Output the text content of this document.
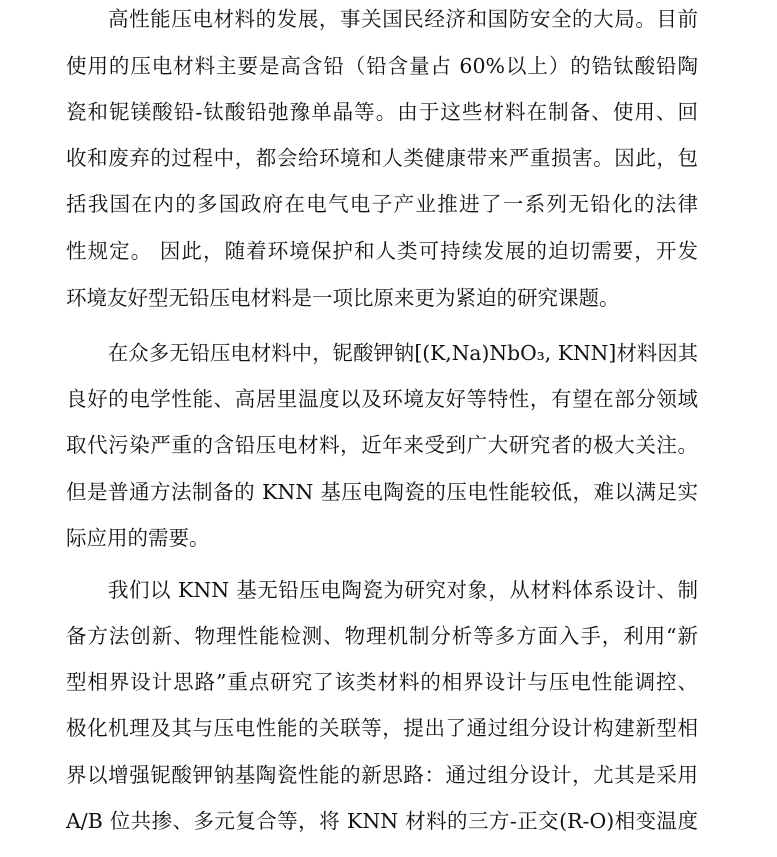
高性能压电材料的发展，事关国民经济和国防安全的大局。目前
使用的压电材料主要是高含铅（铅含量占 60%以上）的锆钛酸铅陶
瓷和铌镁酸铅-钛酸铅弛豫单晶等。由于这些材料在制备、使用、回
收和废弃的过程中，都会给环境和人类健康带来严重损害。因此，包
括我国在内的多国政府在电气电子产业推进了一系列无铅化的法律
性规定。 因此，随着环境保护和人类可持续发展的迫切需要，开发
环境友好型无铅压电材料是一项比原来更为紧迫的研究课题。
在众多无铅压电材料中，铌酸钾钠[(K,Na)NbO₃, KNN]材料因其
良好的电学性能、高居里温度以及环境友好等特性，有望在部分领域
取代污染严重的含铅压电材料，近年来受到广大研究者的极大关注。
但是普通方法制备的 KNN 基压电陶瓷的压电性能较低，难以满足实
际应用的需要。
我们以 KNN 基无铅压电陶瓷为研究对象，从材料体系设计、制
备方法创新、物理性能检测、物理机制分析等多方面入手，利用“新
型相界设计思路”重点研究了该类材料的相界设计与压电性能调控、
极化机理及其与压电性能的关联等，提出了通过组分设计构建新型相
界以增强铌酸钾钠基陶瓷性能的新思路：通过组分设计，尤其是采用
A/B 位共掺、多元复合等，将 KNN 材料的三方-正交(R-O)相变温度
